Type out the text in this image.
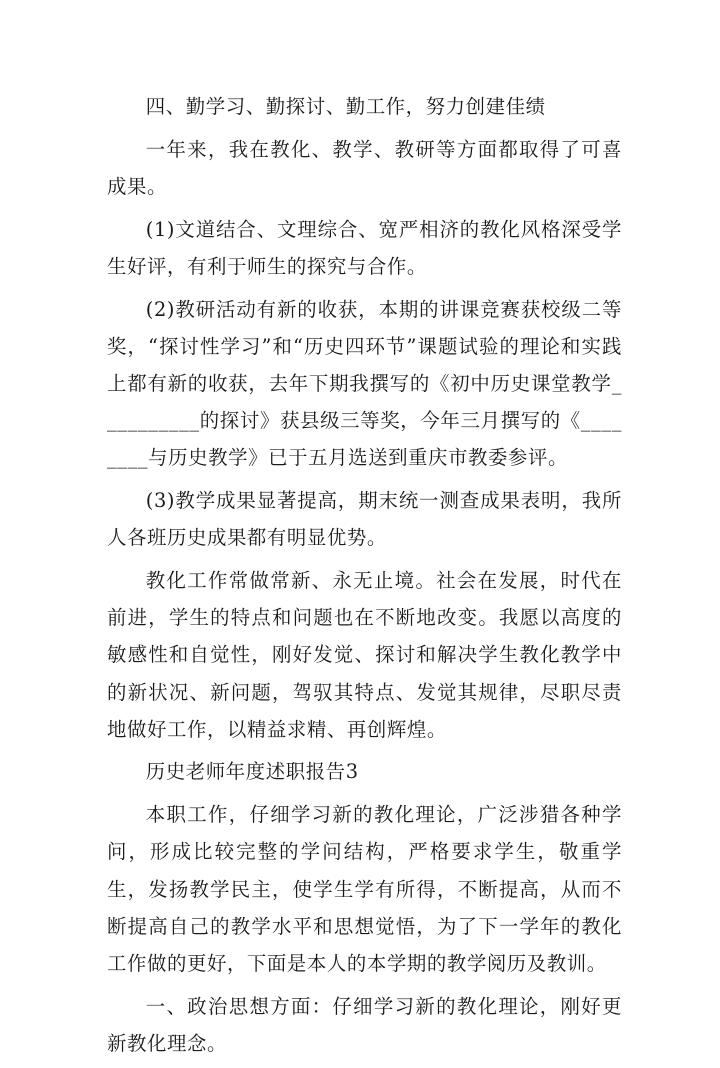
四、勤学习、勤探讨、勤工作，努力创建佳绩

一年来，我在教化、教学、教研等方面都取得了可喜成果。

(1)文道结合、文理综合、宽严相济的教化风格深受学生好评，有利于师生的探究与合作。

(2)教研活动有新的收获，本期的讲课竞赛获校级二等奖，“探讨性学习”和“历史四环节”课题试验的理论和实践上都有新的收获，去年下期我撰写的《初中历史课堂教学__________的探讨》获县级三等奖，今年三月撰写的《________与历史教学》已于五月选送到重庆市教委参评。

(3)教学成果显著提高，期末统一测查成果表明，我所人各班历史成果都有明显优势。

教化工作常做常新、永无止境。社会在发展，时代在前进，学生的特点和问题也在不断地改变。我愿以高度的敏感性和自觉性，刚好发觉、探讨和解决学生教化教学中的新状况、新问题，驾驭其特点、发觉其规律，尽职尽责地做好工作，以精益求精、再创辉煌。

历史老师年度述职报告3

本职工作，仔细学习新的教化理论，广泛涉猎各种学问，形成比较完整的学问结构，严格要求学生，敬重学生，发扬教学民主，使学生学有所得，不断提高，从而不断提高自己的教学水平和思想觉悟，为了下一学年的教化工作做的更好，下面是本人的本学期的教学阅历及教训。

一、政治思想方面：仔细学习新的教化理论，刚好更新教化理念。
